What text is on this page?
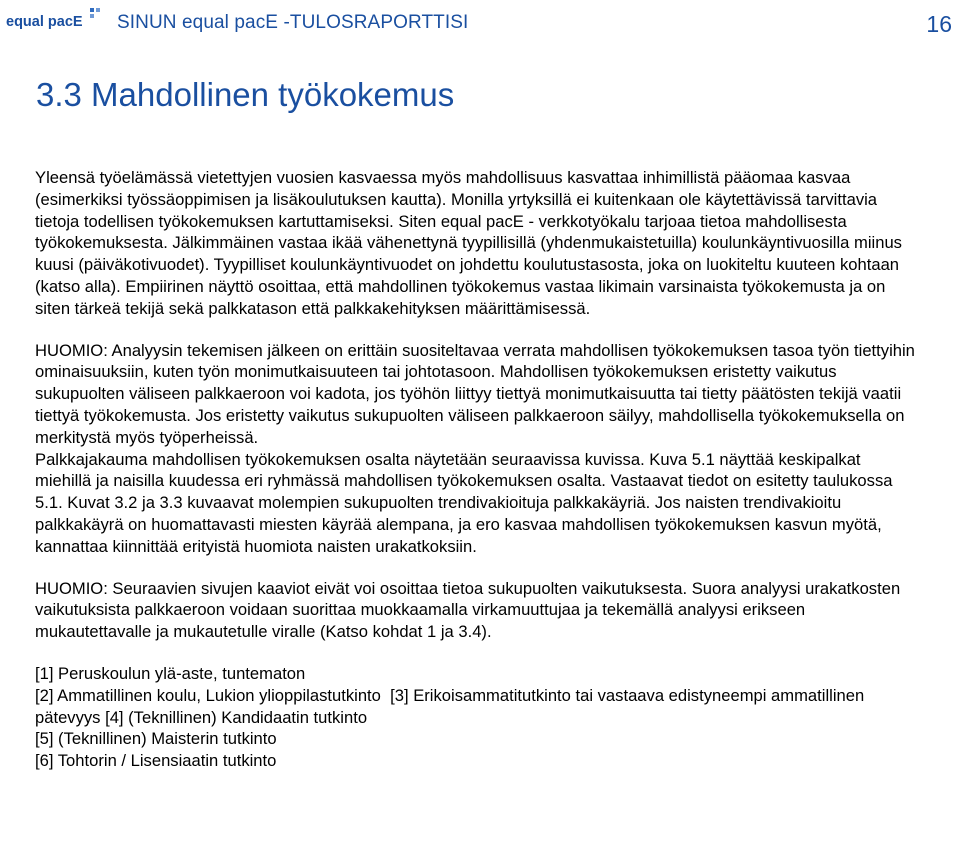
equal pacE SINUN equal pacE -TULOSRAPORTTISI	16
3.3 Mahdollinen työkokemus

Yleensä työelämässä vietettyjen vuosien kasvaessa myös mahdollisuus kasvattaa inhimillistä pääomaa kasvaa (esimerkiksi työssäoppimisen ja lisäkoulutuksen kautta). Monilla yrtyksillä ei kuitenkaan ole käytettävissä tarvittavia tietoja todellisen työkokemuksen kartuttamiseksi. Siten equal pacE - verkkotyökalu tarjoaa tietoa mahdollisesta työkokemuksesta. Jälkimmäinen vastaa ikää vähenettynä tyypillisillä (yhdenmukaistetuilla) koulunkäyntivuosilla miinus kuusi (päiväkotivuodet). Tyypilliset koulunkäyntivuodet on johdettu koulutustasosta, joka on luokiteltu kuuteen kohtaan (katso alla). Empiirinen näyttö osoittaa, että mahdollinen työkokemus vastaa likimain varsinaista työkokemusta ja on siten tärkeä tekijä sekä palkkatason että palkkakehityksen määrittämisessä.

HUOMIO: Analyysin tekemisen jälkeen on erittäin suositeltavaa verrata mahdollisen työkokemuksen tasoa työn tiettyihin ominaisuuksiin, kuten työn monimutkaisuuteen tai johtotasoon. Mahdollisen työkokemuksen eristetty vaikutus sukupuolten väliseen palkkaeroon voi kadota, jos työhön liittyy tiettyä monimutkaisuutta tai tietty päätösten tekijä vaatii tiettyä työkokemusta. Jos eristetty vaikutus sukupuolten väliseen palkkaeroon säilyy, mahdollisella työkokemuksella on merkitystä myös työperheissä.

Palkkajakauma mahdollisen työkokemuksen osalta näytetään seuraavissa kuvissa. Kuva 5.1 näyttää keskipalkat miehillä ja naisilla kuudessa eri ryhmässä mahdollisen työkokemuksen osalta. Vastaavat tiedot on esitetty taulukossa 5.1. Kuvat 3.2 ja 3.3 kuvaavat molempien sukupuolten trendivakioituja palkkakäyriä. Jos naisten trendivakioitu palkkakäyrä on huomattavasti miesten käyrää alempana, ja ero kasvaa mahdollisen työkokemuksen kasvun myötä, kannattaa kiinnittää erityistä huomiota naisten urakatkoksiin.

HUOMIO: Seuraavien sivujen kaaviot eivät voi osoittaa tietoa sukupuolten vaikutuksesta. Suora analyysi urakatkosten vaikutuksista palkkaeroon voidaan suorittaa muokkaamalla virkamuuttujaa ja tekemällä analyysi erikseen mukautettavalle ja mukautetulle viralle (Katso kohdat 1 ja 3.4).

[1] Peruskoulun ylä-aste, tuntematon

[2] Ammatillinen koulu, Lukion ylioppilastutkinto [3] Erikoisammatitutkinto tai vastaava edistyneempi ammatillinen pätevyys [4] (Teknillinen) Kandidaatin tutkinto

[5] (Teknillinen) Maisterin tutkinto

[6] Tohtorin / Lisensiaatin tutkinto
